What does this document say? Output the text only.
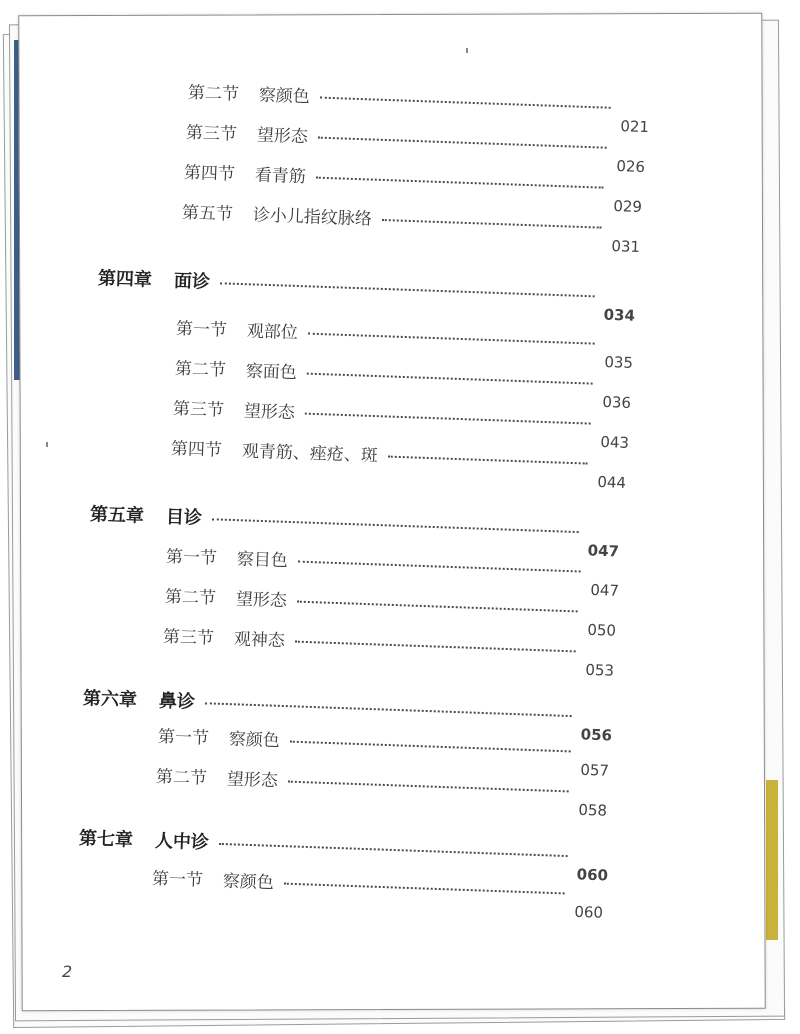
第二节 察颜色
021
第三节 望形态
026
第四节 看青筋
029
第五节 诊小儿指纹脉络
031
第四章 面诊
034
第一节 观部位
035
第二节 察面色
036
第三节 望形态
043
第四节 观青筋、痤疮、斑
044
第五章 目诊
047
第一节 察目色
047
第二节 望形态
050
第三节 观神态
053
第六章 鼻诊
056
第一节 察颜色
057
第二节 望形态
058
第七章 人中诊
060
第一节 察颜色
060
2
